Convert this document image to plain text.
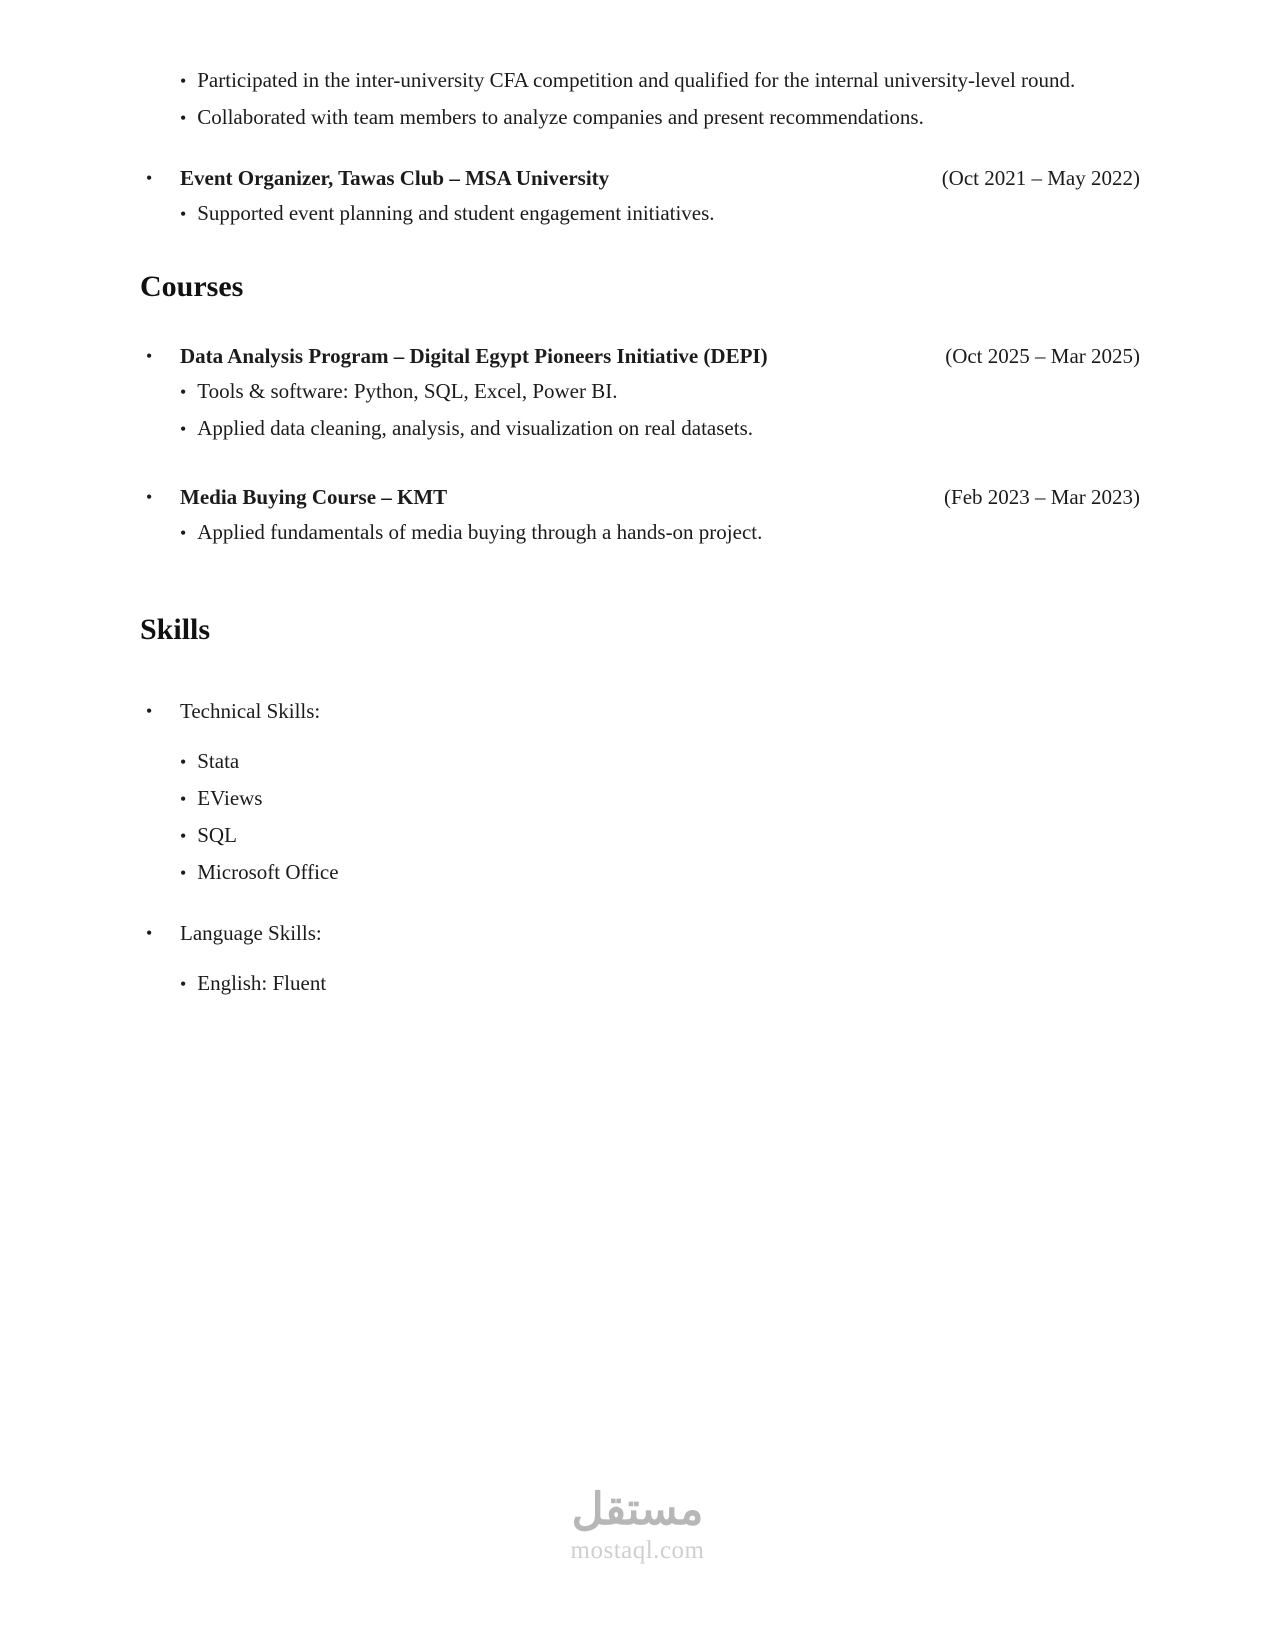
• Participated in the inter-university CFA competition and qualified for the internal university-level round.
• Collaborated with team members to analyze companies and present recommendations.
• Event Organizer, Tawas Club – MSA University	(Oct 2021 – May 2022)
• Supported event planning and student engagement initiatives.
Courses
• Data Analysis Program – Digital Egypt Pioneers Initiative (DEPI)	(Oct 2025 – Mar 2025)
• Tools & software: Python, SQL, Excel, Power BI.
• Applied data cleaning, analysis, and visualization on real datasets.
• Media Buying Course – KMT	(Feb 2023 – Mar 2023)
• Applied fundamentals of media buying through a hands-on project.
Skills
• Technical Skills:
• Stata
• EViews
• SQL
• Microsoft Office
• Language Skills:
• English: Fluent
مستقل
mostaql.com
